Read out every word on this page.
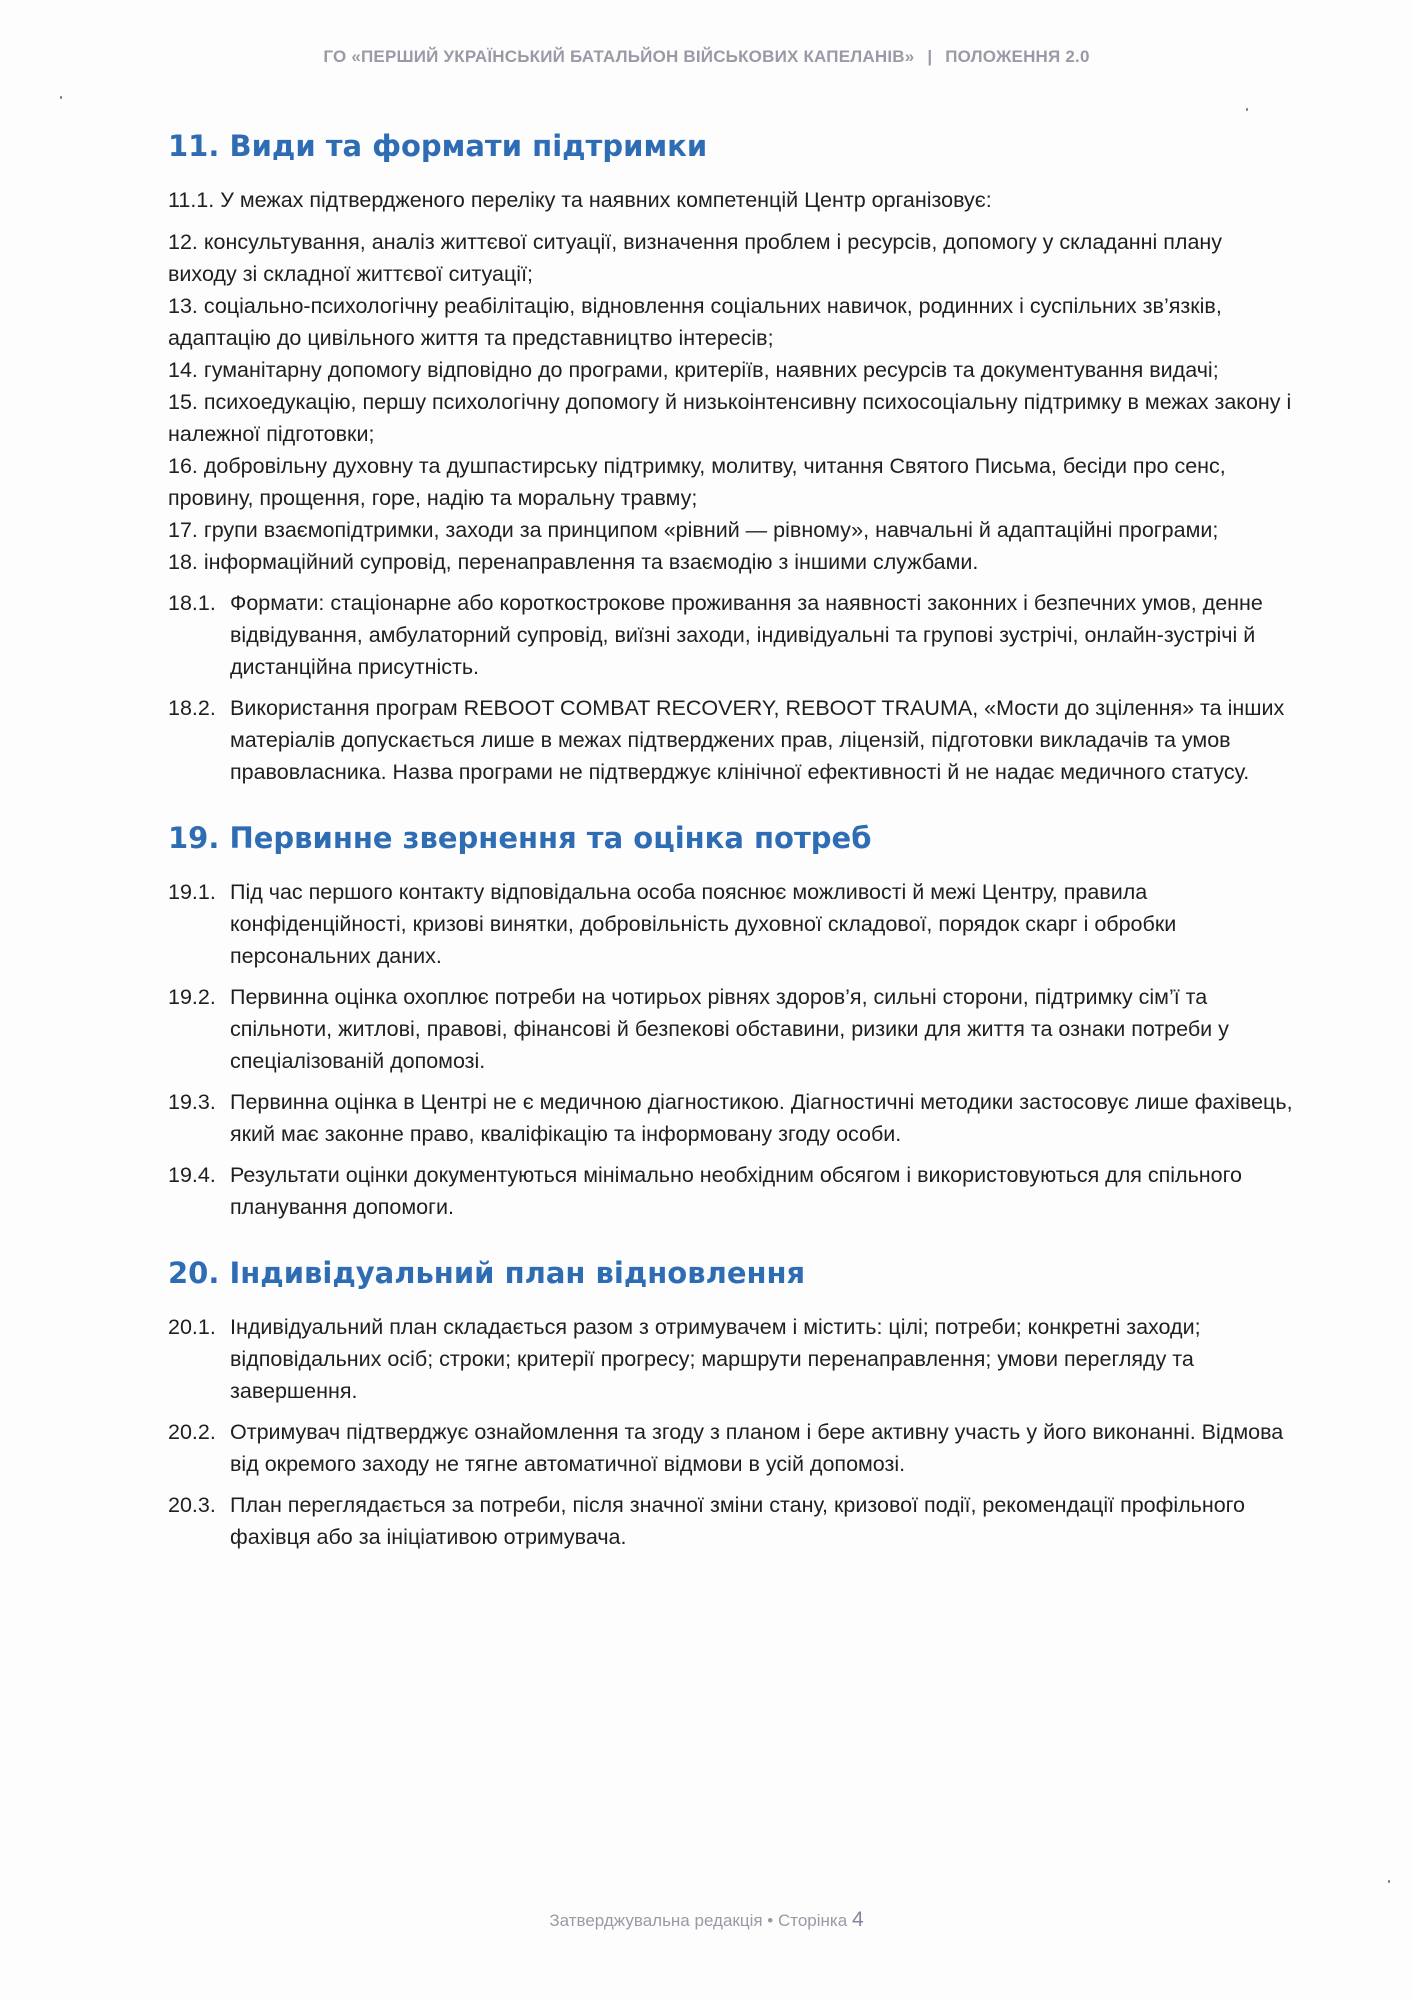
ГО «ПЕРШИЙ УКРАЇНСЬКИЙ БАТАЛЬЙОН ВІЙСЬКОВИХ КАПЕЛАНІВ» | ПОЛОЖЕННЯ 2.0
11. Види та формати підтримки

11.1. У межах підтвердженого переліку та наявних компетенцій Центр організовує:

12. консультування, аналіз життєвої ситуації, визначення проблем і ресурсів, допомогу у складанні плану виходу зі складної життєвої ситуації;
13. соціально-психологічну реабілітацію, відновлення соціальних навичок, родинних і суспільних зв’язків, адаптацію до цивільного життя та представництво інтересів;
14. гуманітарну допомогу відповідно до програми, критеріїв, наявних ресурсів та документування видачі;
15. психоедукацію, першу психологічну допомогу й низькоінтенсивну психосоціальну підтримку в межах закону і належної підготовки;
16. добровільну духовну та душпастирську підтримку, молитву, читання Святого Письма, бесіди про сенс, провину, прощення, горе, надію та моральну травму;
17. групи взаємопідтримки, заходи за принципом «рівний — рівному», навчальні й адаптаційні програми;
18. інформаційний супровід, перенаправлення та взаємодію з іншими службами.
18.1. Формати: стаціонарне або короткострокове проживання за наявності законних і безпечних умов, денне відвідування, амбулаторний супровід, виїзні заходи, індивідуальні та групові зустрічі, онлайн-зустрічі й дистанційна присутність.
18.2. Використання програм REBOOT COMBAT RECOVERY, REBOOT TRAUMA, «Мости до зцілення» та інших матеріалів допускається лише в межах підтверджених прав, ліцензій, підготовки викладачів та умов правовласника. Назва програми не підтверджує клінічної ефективності й не надає медичного статусу.
19. Первинне звернення та оцінка потреб
19.1. Під час першого контакту відповідальна особа пояснює можливості й межі Центру, правила конфіденційності, кризові винятки, добровільність духовної складової, порядок скарг і обробки персональних даних.
19.2. Первинна оцінка охоплює потреби на чотирьох рівнях здоров’я, сильні сторони, підтримку сім’ї та спільноти, житлові, правові, фінансові й безпекові обставини, ризики для життя та ознаки потреби у спеціалізованій допомозі.
19.3. Первинна оцінка в Центрі не є медичною діагностикою. Діагностичні методики застосовує лише фахівець, який має законне право, кваліфікацію та інформовану згоду особи.
19.4. Результати оцінки документуються мінімально необхідним обсягом і використовуються для спільного планування допомоги.
20. Індивідуальний план відновлення
20.1. Індивідуальний план складається разом з отримувачем і містить: цілі; потреби; конкретні заходи; відповідальних осіб; строки; критерії прогресу; маршрути перенаправлення; умови перегляду та завершення.
20.2. Отримувач підтверджує ознайомлення та згоду з планом і бере активну участь у його виконанні. Відмова від окремого заходу не тягне автоматичної відмови в усій допомозі.
20.3. План переглядається за потреби, після значної зміни стану, кризової події, рекомендації профільного фахівця або за ініціативою отримувача.
Затверджувальна редакція • Сторінка 4
